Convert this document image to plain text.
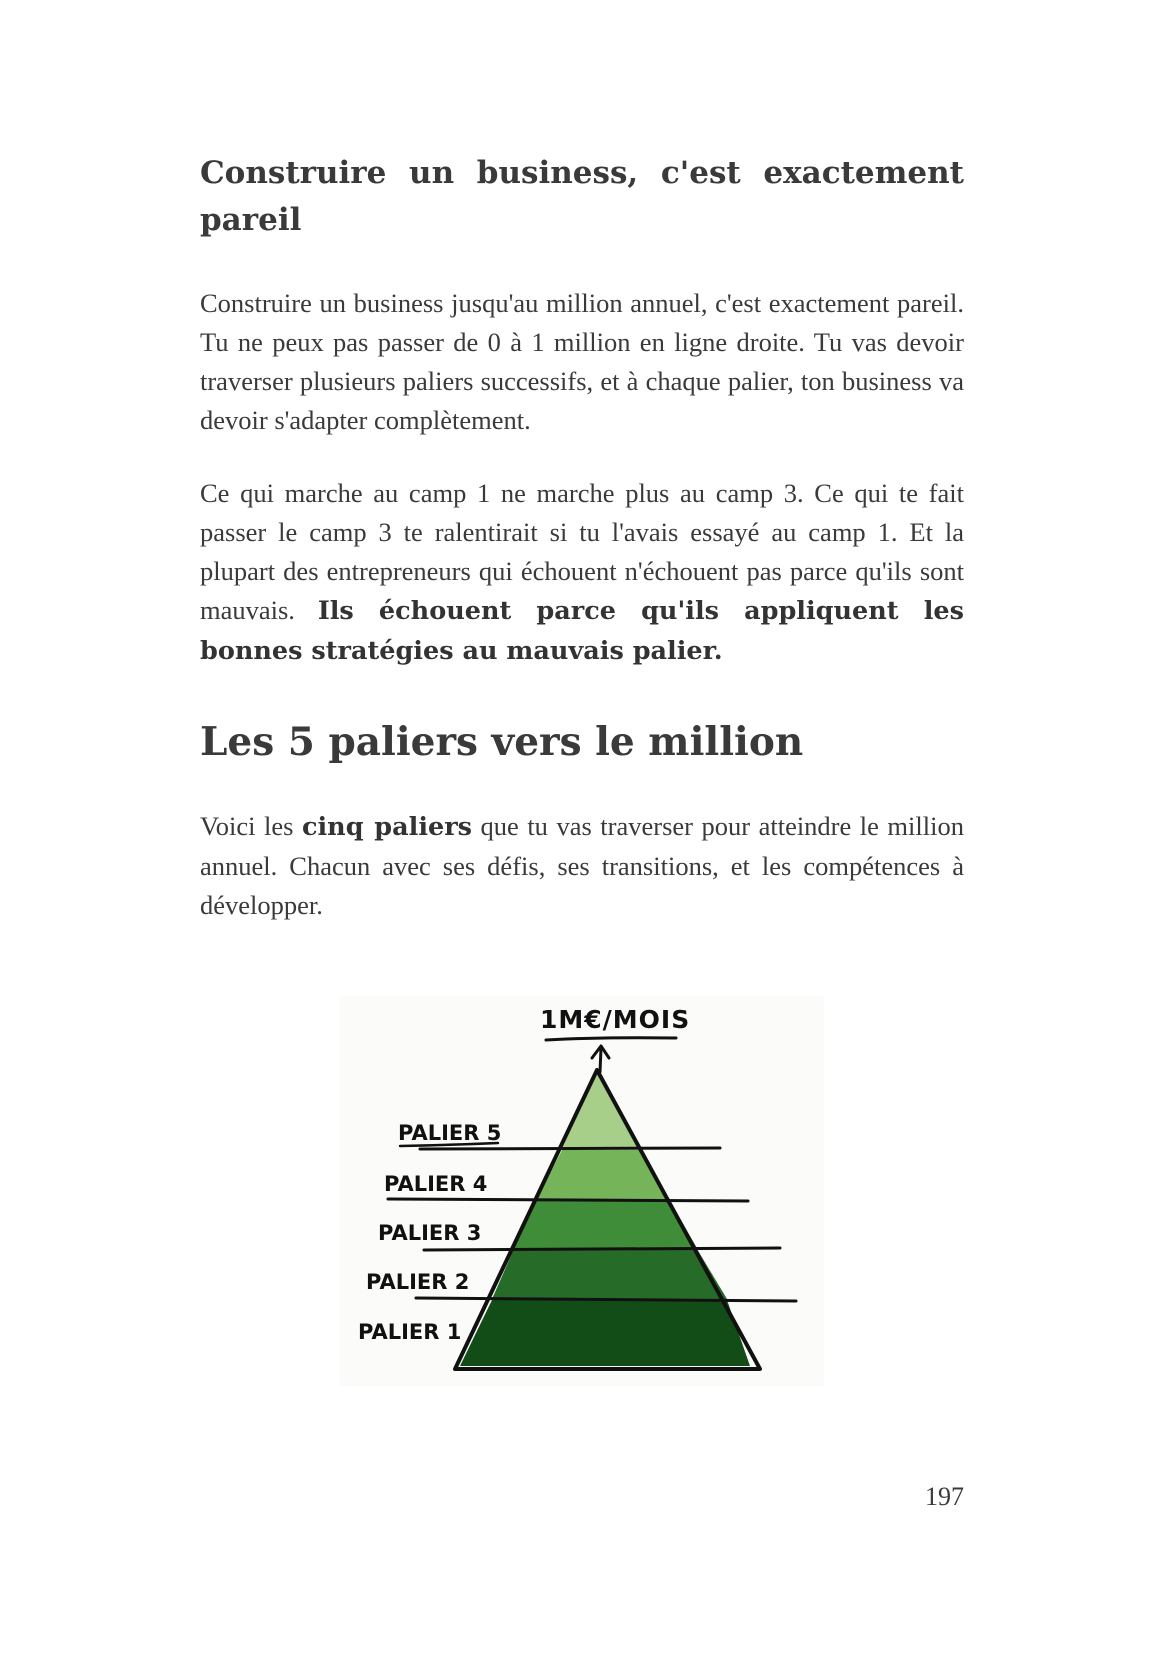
Construire un business, c'est exactement pareil

Construire un business jusqu'au million annuel, c'est exactement pareil. Tu ne peux pas passer de 0 à 1 million en ligne droite. Tu vas devoir traverser plusieurs paliers successifs, et à chaque palier, ton business va devoir s'adapter complètement.

Ce qui marche au camp 1 ne marche plus au camp 3. Ce qui te fait passer le camp 3 te ralentirait si tu l'avais essayé au camp 1. Et la plupart des entrepreneurs qui échouent n'échouent pas parce qu'ils sont mauvais. Ils échouent parce qu'ils appliquent les bonnes stratégies au mauvais palier.

Les 5 paliers vers le million

Voici les cinq paliers que tu vas traverser pour atteindre le million annuel. Chacun avec ses défis, ses transitions, et les compétences à développer.

1M€/MOIS
PALIER 5
PALIER 4
PALIER 3
PALIER 2
PALIER 1
197
